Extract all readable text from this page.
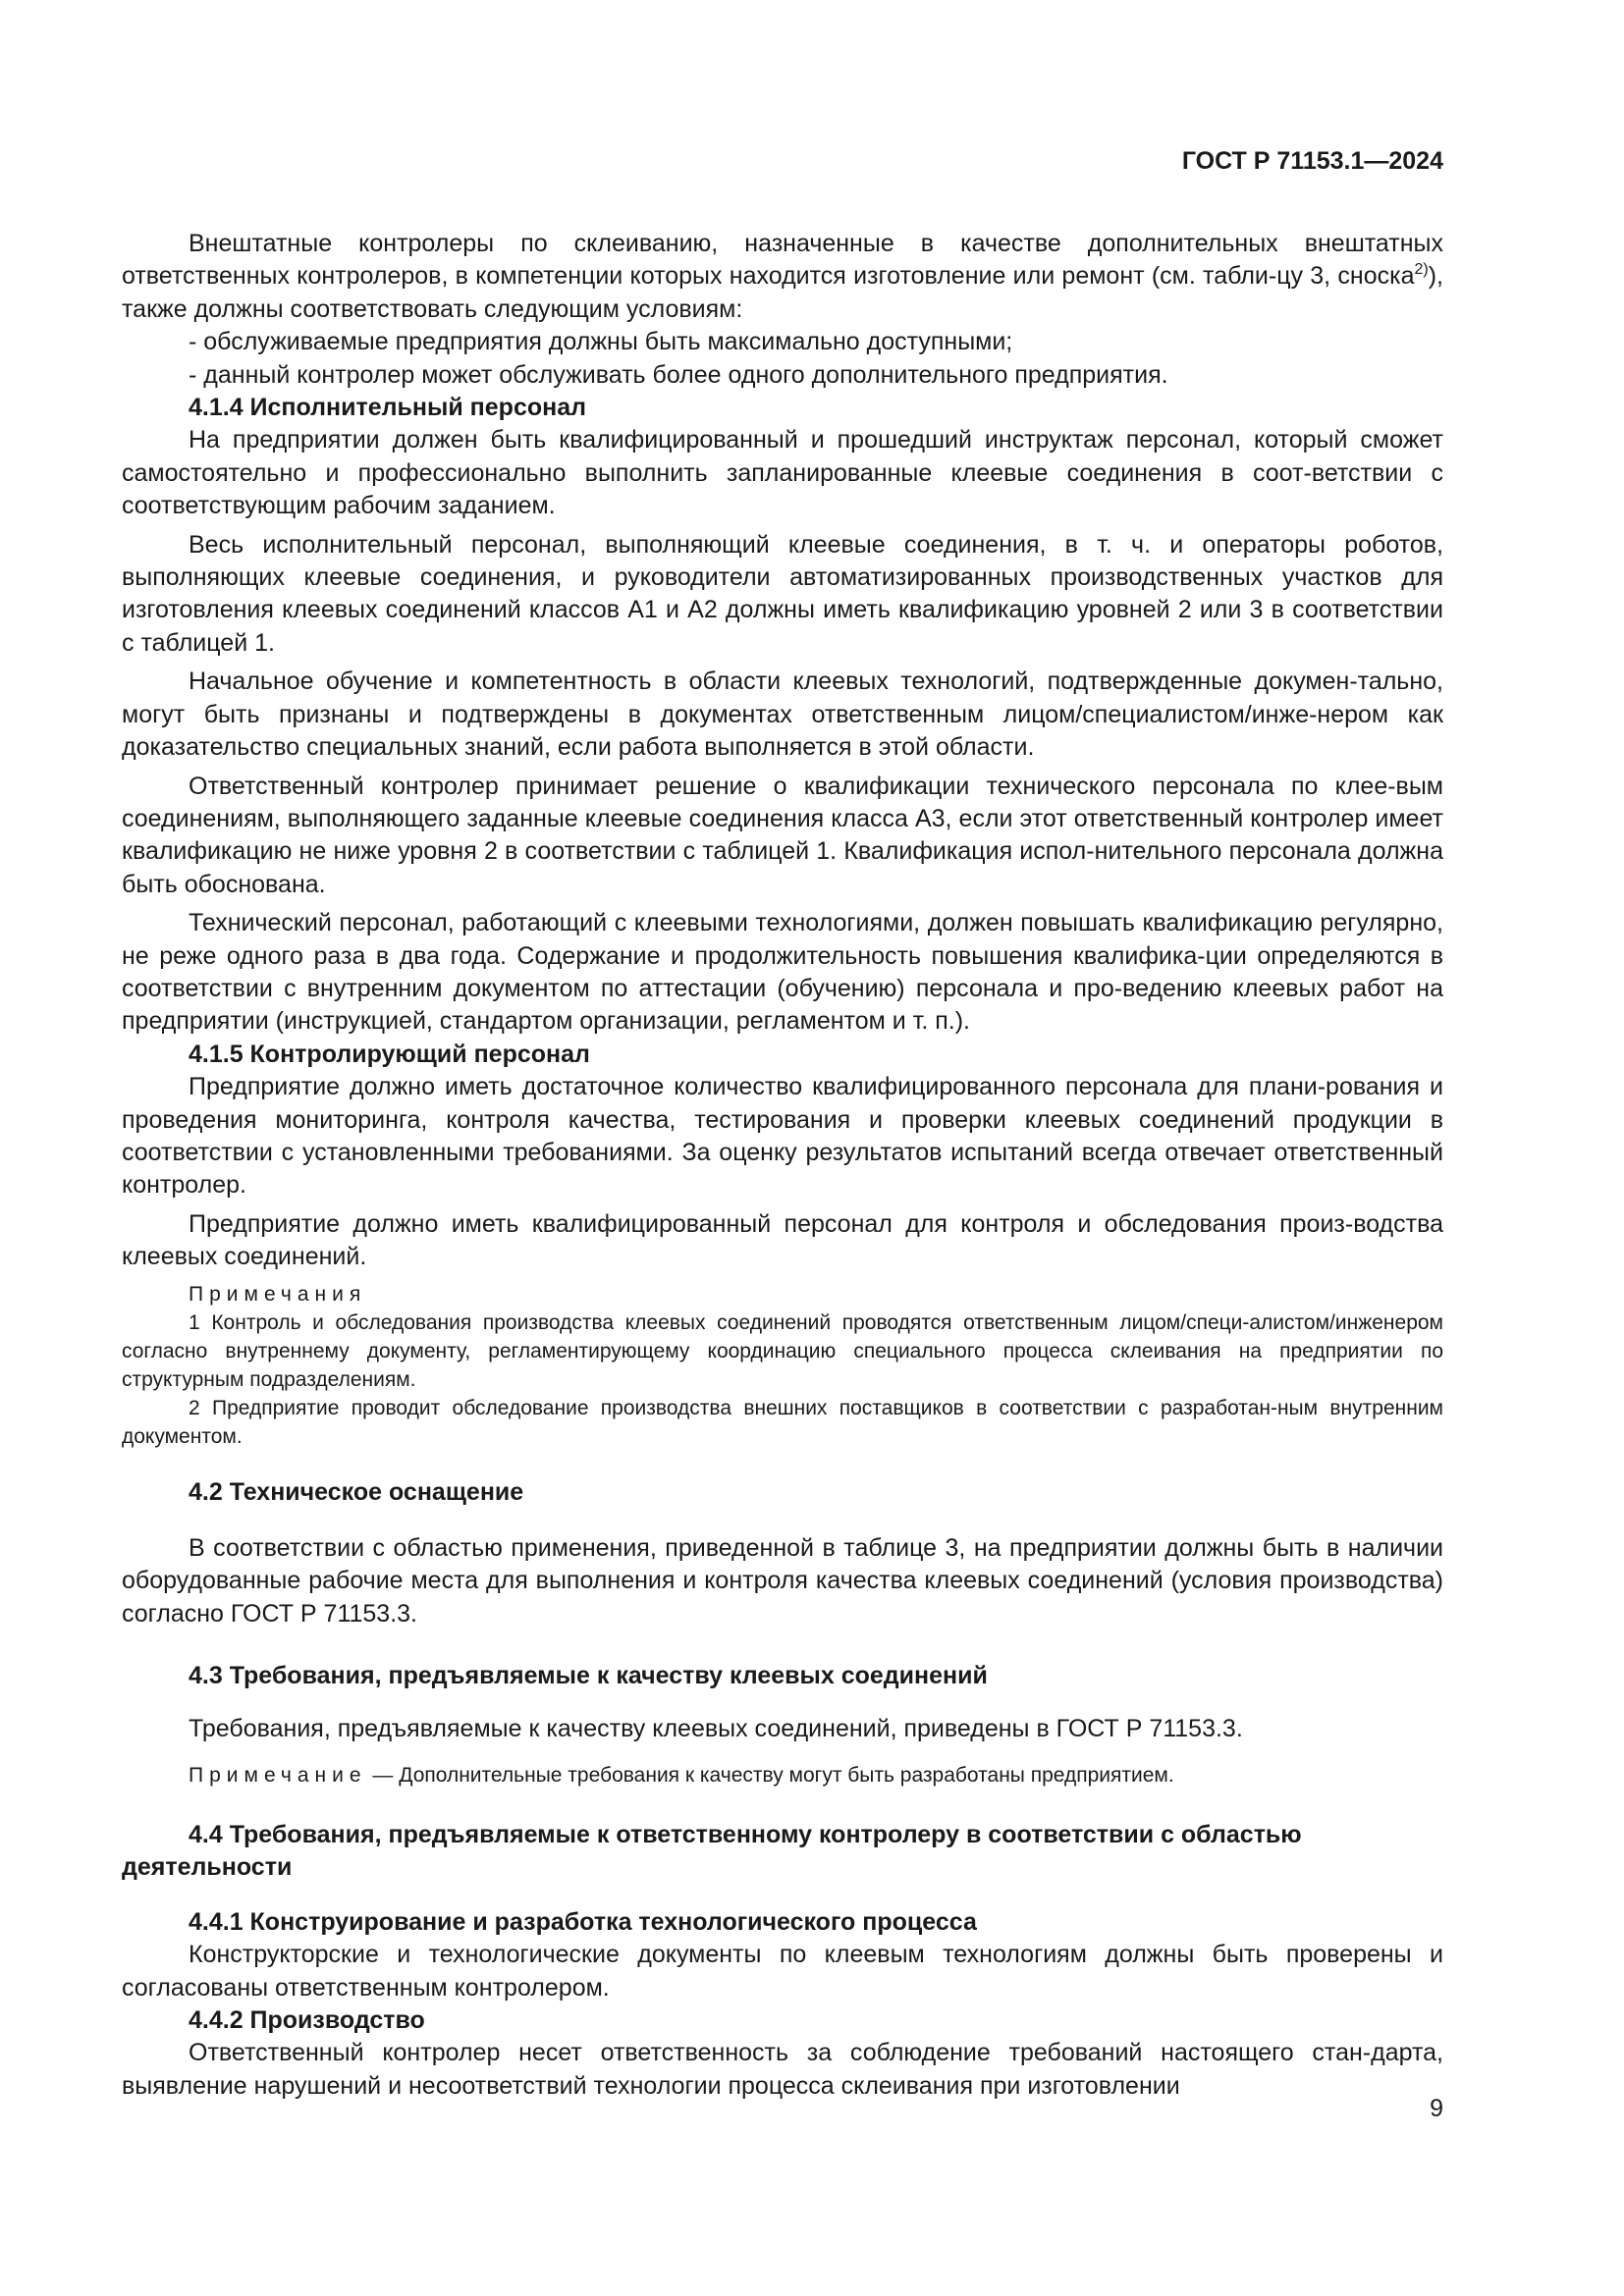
ГОСТ Р 71153.1—2024

Внештатные контролеры по склеиванию, назначенные в качестве дополнительных внештатных ответственных контролеров, в компетенции которых находится изготовление или ремонт (см. табли-цу 3, сноска$^{2)}$), также должны соответствовать следующим условиям:

- обслуживаемые предприятия должны быть максимально доступными;

- данный контролер может обслуживать более одного дополнительного предприятия.

4.1.4 Исполнительный персонал

На предприятии должен быть квалифицированный и прошедший инструктаж персонал, который сможет самостоятельно и профессионально выполнить запланированные клеевые соединения в соот-ветствии с соответствующим рабочим заданием.

Весь исполнительный персонал, выполняющий клеевые соединения, в т. ч. и операторы роботов, выполняющих клеевые соединения, и руководители автоматизированных производственных участков для изготовления клеевых соединений классов А1 и А2 должны иметь квалификацию уровней 2 или 3 в соответствии с таблицей 1.

Начальное обучение и компетентность в области клеевых технологий, подтвержденные докумен-тально, могут быть признаны и подтверждены в документах ответственным лицом/специалистом/инже-нером как доказательство специальных знаний, если работа выполняется в этой области.

Ответственный контролер принимает решение о квалификации технического персонала по клее-вым соединениям, выполняющего заданные клеевые соединения класса А3, если этот ответственный контролер имеет квалификацию не ниже уровня 2 в соответствии с таблицей 1. Квалификация испол-нительного персонала должна быть обоснована.

Технический персонал, работающий с клеевыми технологиями, должен повышать квалификацию регулярно, не реже одного раза в два года. Содержание и продолжительность повышения квалифика-ции определяются в соответствии с внутренним документом по аттестации (обучению) персонала и про-ведению клеевых работ на предприятии (инструкцией, стандартом организации, регламентом и т. п.).

4.1.5 Контролирующий персонал

Предприятие должно иметь достаточное количество квалифицированного персонала для плани-рования и проведения мониторинга, контроля качества, тестирования и проверки клеевых соединений продукции в соответствии с установленными требованиями. За оценку результатов испытаний всегда отвечает ответственный контролер.

Предприятие должно иметь квалифицированный персонал для контроля и обследования произ-водства клеевых соединений.

Примечания

1 Контроль и обследования производства клеевых соединений проводятся ответственным лицом/специ-алистом/инженером согласно внутреннему документу, регламентирующему координацию специального процесса склеивания на предприятии по структурным подразделениям.

2 Предприятие проводит обследование производства внешних поставщиков в соответствии с разработан-ным внутренним документом.

4.2 Техническое оснащение

В соответствии с областью применения, приведенной в таблице 3, на предприятии должны быть в наличии оборудованные рабочие места для выполнения и контроля качества клеевых соединений (условия производства) согласно ГОСТ Р 71153.3.

4.3 Требования, предъявляемые к качеству клеевых соединений

Требования, предъявляемые к качеству клеевых соединений, приведены в ГОСТ Р 71153.3.

Примечание — Дополнительные требования к качеству могут быть разработаны предприятием.

4.4 Требования, предъявляемые к ответственному контролеру в соответствии с областью деятельности
4.4.1 Конструирование и разработка технологического процесса

Конструкторские и технологические документы по клеевым технологиям должны быть проверены и согласованы ответственным контролером.

4.4.2 Производство

Ответственный контролер несет ответственность за соблюдение требований настоящего стан-дарта, выявление нарушений и несоответствий технологии процесса склеивания при изготовлении

9
